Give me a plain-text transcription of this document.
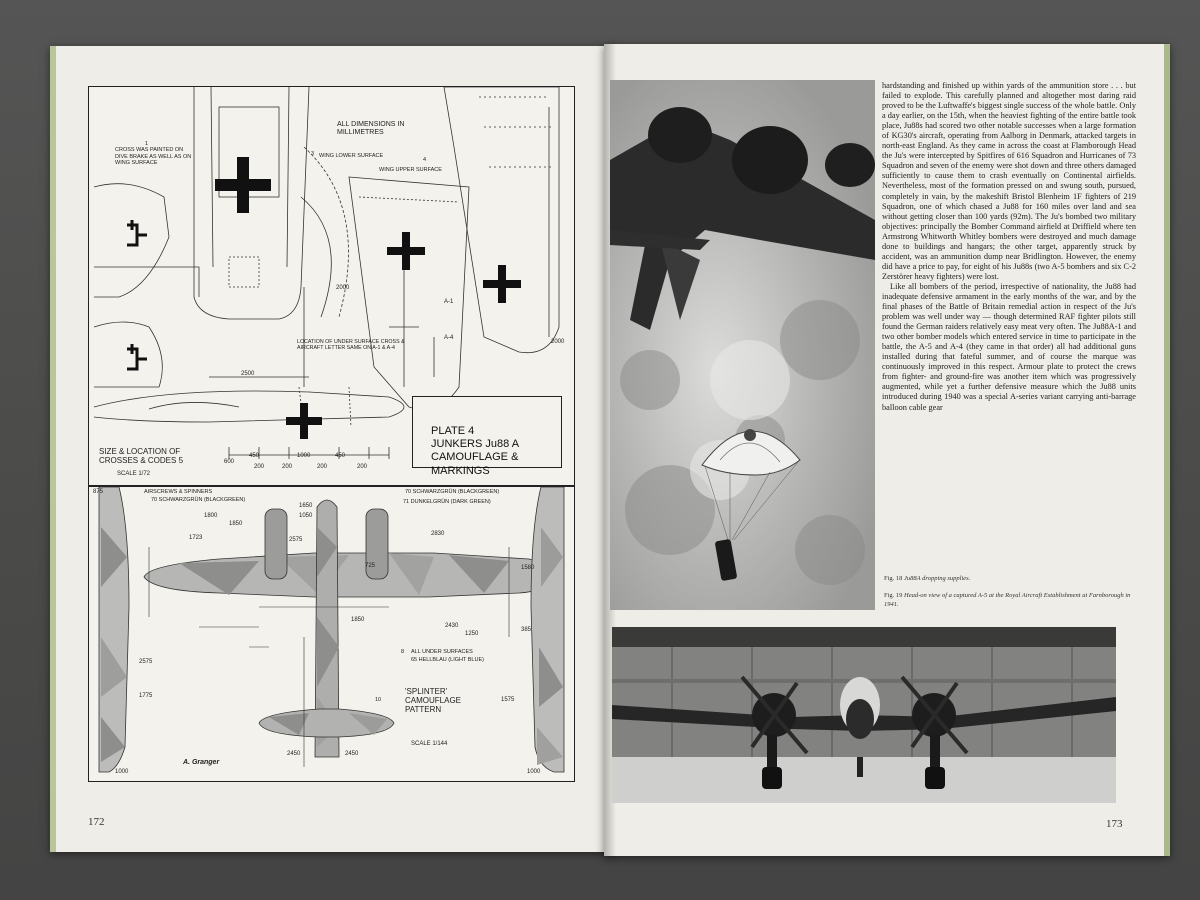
1
CROSS WAS PAINTED ON DIVE BRAKE AS WELL AS ON WING SURFACE
ALL DIMENSIONS IN MILLIMETRES
3 WING LOWER SURFACE
4
WING UPPER SURFACE
LOCATION OF UNDER SURFACE CROSS & AIRCRAFT LETTER SAME ON A-1 & A-4
2000
2000
2500
A-1
A-4
600
450
200
1000
200
450
200	200
SIZE & LOCATION OF CROSSES & CODES 5
SCALE 1/72
PLATE 4
JUNKERS Ju88 A
CAMOUFLAGE &
MARKINGS
AIRSCREWS & SPINNERS
70 SCHWARZGRÜN (BLACKGREEN)
70 SCHWARZGRÜN (BLACKGREEN)
71 DUNKELGRÜN (DARK GREEN)
8 ALL UNDER SURFACES
65 HELLBLAU (LIGHT BLUE)
10
'SPLINTER' CAMOUFLAGE PATTERN
SCALE 1/144
A. Granger
875
1800
1850
1723	2575
1650
1050
2830
1580
725
2430
385
2575
1775
1850
1250
2450	2450
1575
1000	1000
172
Fig. 18 Ju88A dropping supplies.
Fig. 19 Head-on view of a captured A-5 at the Royal Aircraft Establishment at Farnborough in 1941.

hardstanding and finished up within yards of the ammunition store . . . but failed to explode. This carefully planned and altogether most daring raid proved to be the Luftwaffe's biggest single success of the whole battle. Only a day earlier, on the 15th, when the heaviest fighting of the entire battle took place, Ju88s had scored two other notable successes when a large formation of KG30's aircraft, operating from Aalborg in Denmark, attacked targets in north-east England. As they came in across the coast at Flamborough Head the Ju's were intercepted by Spitfires of 616 Squadron and Hurricanes of 73 Squadron and seven of the enemy were shot down and three others damaged sufficiently to cause them to crash eventually on Continental airfields. Nevertheless, most of the formation pressed on and swung south, pursued, completely in vain, by the makeshift Bristol Blenheim 1F fighters of 219 Squadron, one of which chased a Ju88 for 160 miles over land and sea without getting closer than 100 yards (92m). The Ju's bombed two military objectives: principally the Bomber Command airfield at Driffield where ten Armstrong Whitworth Whitley bombers were destroyed and much damage done to buildings and hangars; the other target, apparently struck by accident, was an ammunition dump near Bridlington. However, the enemy did have a price to pay, for eight of his Ju88s (two A-5 bombers and six C-2 Zerstörer heavy fighters) were lost.

Like all bombers of the period, irrespective of nationality, the Ju88 had inadequate defensive armament in the early months of the war, and by the final phases of the Battle of Britain remedial action in respect of the Ju's problem was well under way — though determined RAF fighter pilots still found the German raiders relatively easy meat very often. The Ju88A-1 and two other bomber models which entered service in time to participate in the battle, the A-5 and A-4 (they came in that order) all had additional guns installed during that fateful summer, and of course the marque was continuously improved in this respect. Armour plate to protect the crews from fighter- and ground-fire was another item which was progressively augmented, while yet a further defensive measure which the Ju88 units introduced during 1940 was a special A-series variant carrying anti-barrage balloon cable gear

173
